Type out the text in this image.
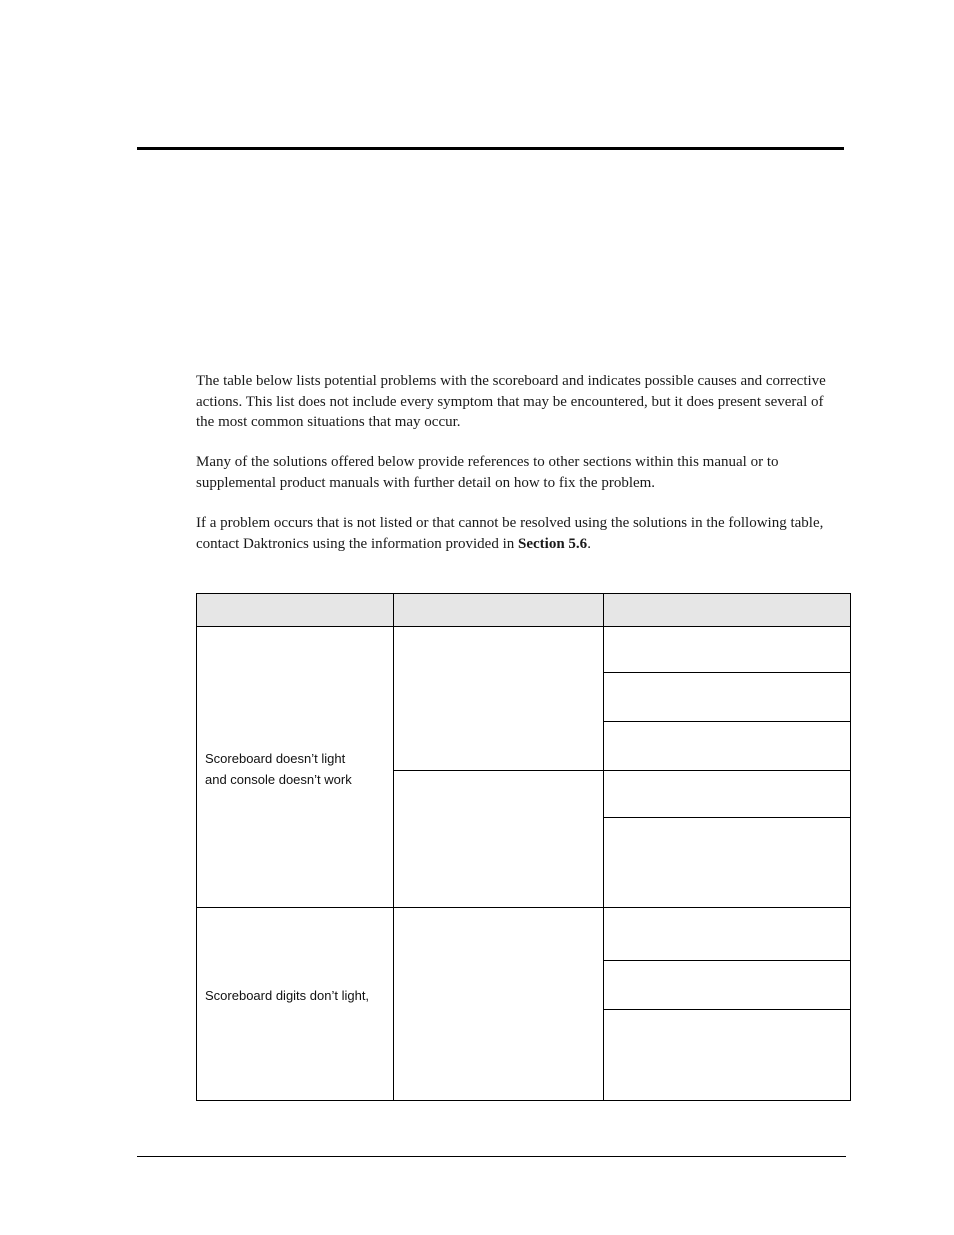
The table below lists potential problems with the scoreboard and indicates possible causes and corrective actions. This list does not include every symptom that may be encountered, but it does present several of the most common situations that may occur.

Many of the solutions offered below provide references to other sections within this manual or to supplemental product manuals with further detail on how to fix the problem.

If a problem occurs that is not listed or that cannot be resolved using the solutions in the following table, contact Daktronics using the information provided in Section 5.6.

Scoreboard doesn’t light
and console doesn’t work
Scoreboard digits don’t light,
